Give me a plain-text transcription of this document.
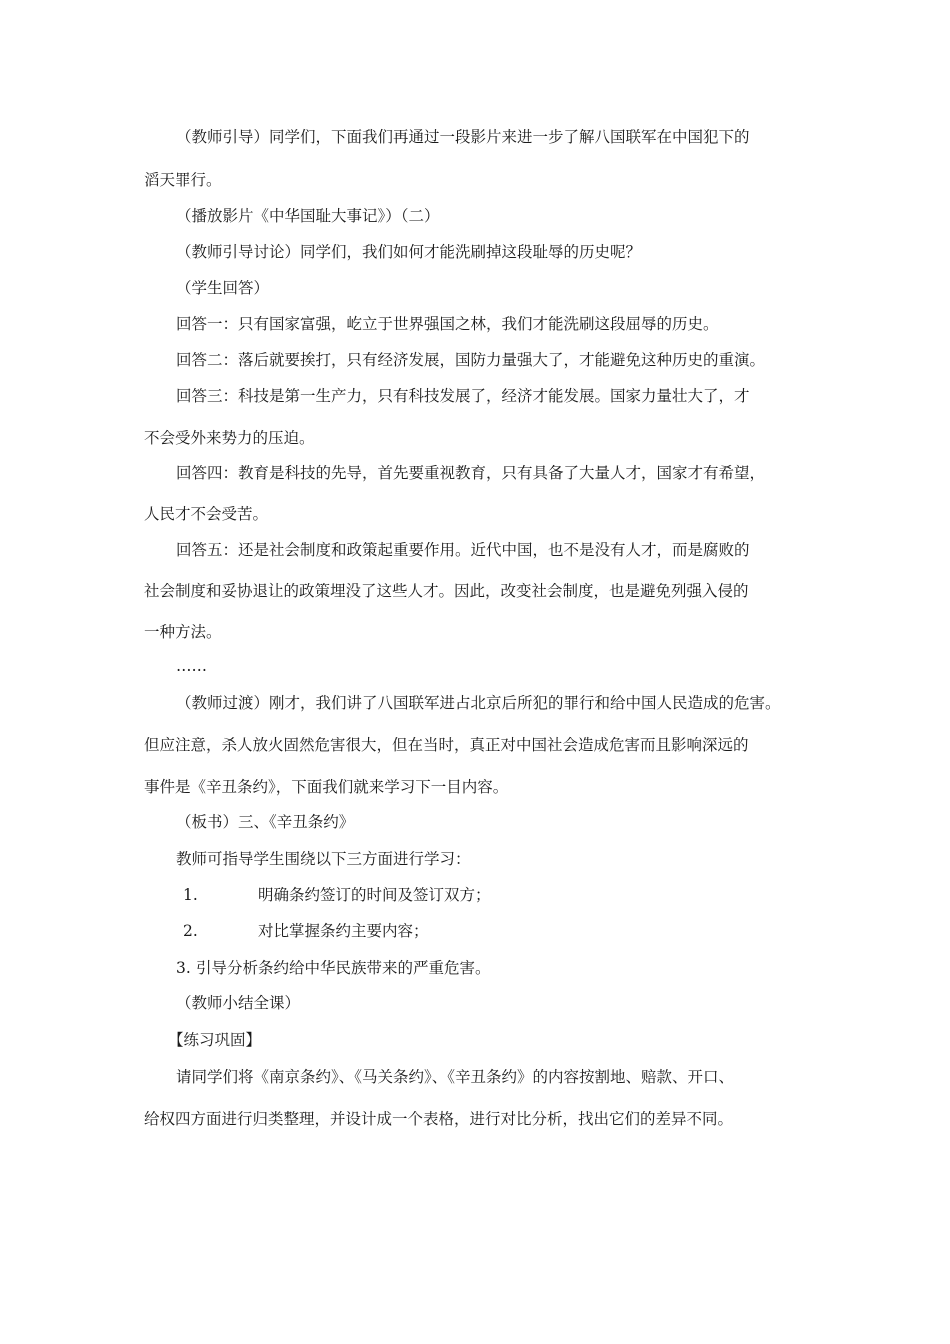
（教师引导）同学们，下面我们再通过一段影片来进一步了解八国联军在中国犯下的
滔天罪行。
（播放影片《中华国耻大事记》）（二）
（教师引导讨论）同学们，我们如何才能洗刷掉这段耻辱的历史呢？
（学生回答）
回答一：只有国家富强，屹立于世界强国之林，我们才能洗刷这段屈辱的历史。
回答二：落后就要挨打，只有经济发展，国防力量强大了，才能避免这种历史的重演。
回答三：科技是第一生产力，只有科技发展了，经济才能发展。国家力量壮大了，才
不会受外来势力的压迫。
回答四：教育是科技的先导，首先要重视教育，只有具备了大量人才，国家才有希望，
人民才不会受苦。
回答五：还是社会制度和政策起重要作用。近代中国，也不是没有人才，而是腐败的
社会制度和妥协退让的政策埋没了这些人才。因此，改变社会制度，也是避免列强入侵的
一种方法。
……
（教师过渡）刚才，我们讲了八国联军进占北京后所犯的罪行和给中国人民造成的危害。
但应注意，杀人放火固然危害很大，但在当时，真正对中国社会造成危害而且影响深远的
事件是《辛丑条约》，下面我们就来学习下一目内容。
（板书）三、《辛丑条约》
教师可指导学生围绕以下三方面进行学习：
1.	明确条约签订的时间及签订双方；
2.	对比掌握条约主要内容；
3. 引导分析条约给中华民族带来的严重危害。
（教师小结全课）
【练习巩固】
请同学们将《南京条约》、《马关条约》、《辛丑条约》的内容按割地、赔款、开口、
给权四方面进行归类整理，并设计成一个表格，进行对比分析，找出它们的差异不同。
